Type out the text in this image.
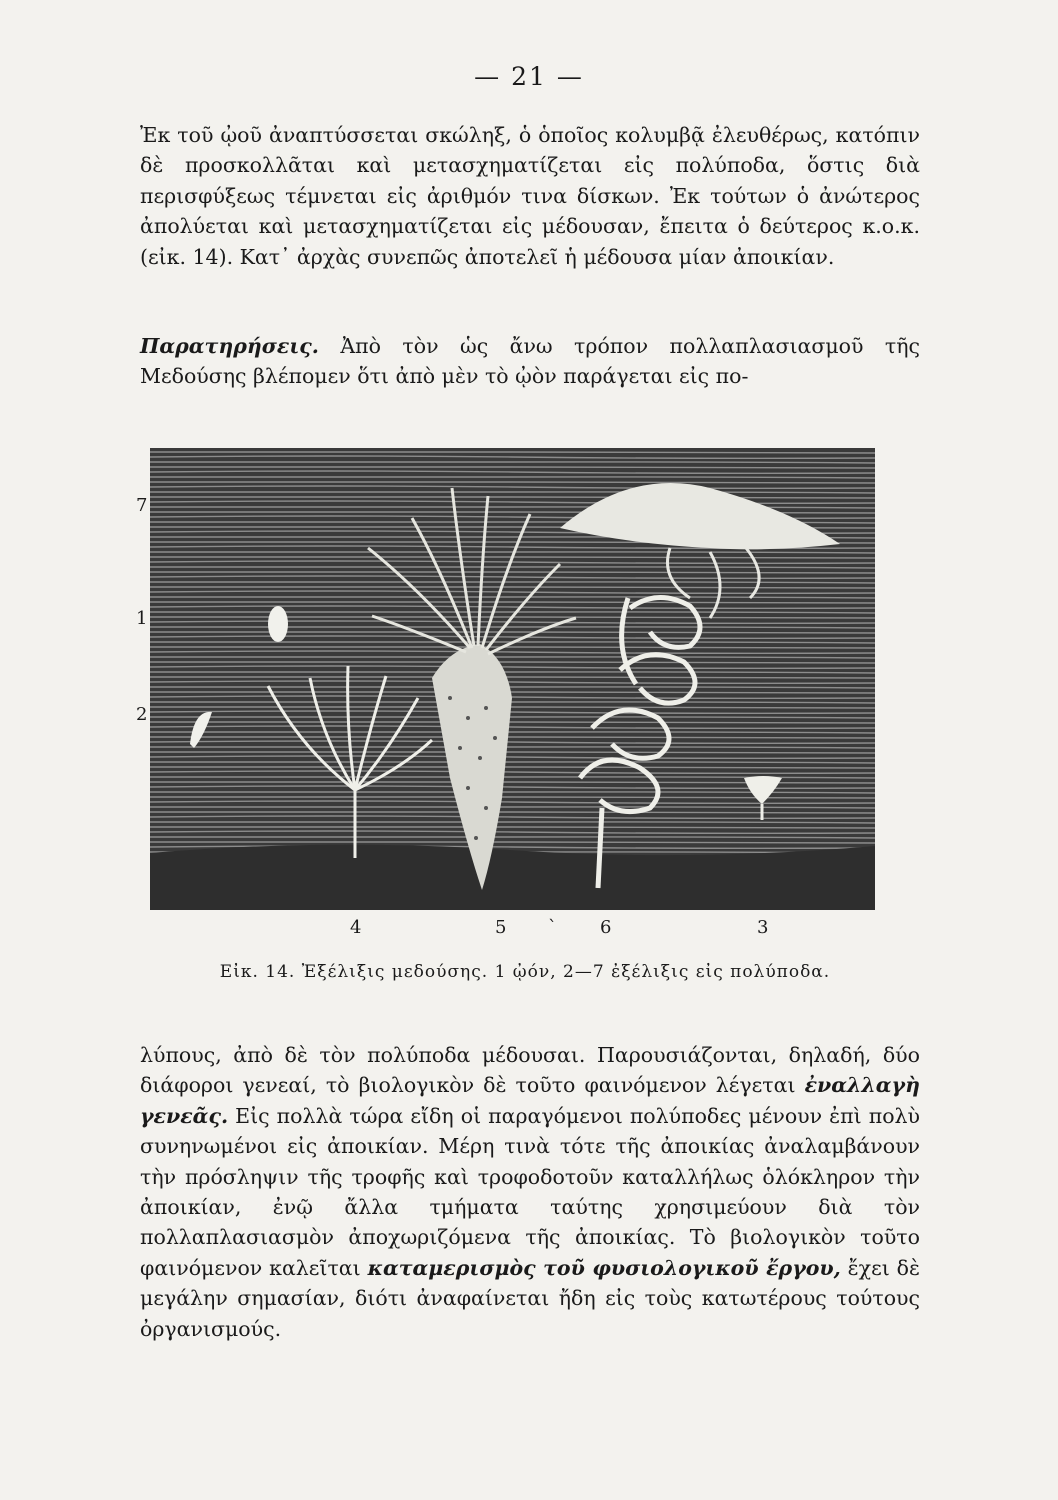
— 21 —

Ἐκ τοῦ ᾠοῦ ἀναπτύσσεται σκώληξ, ὁ ὁποῖος κολυμβᾷ ἐλευθέρως, κατόπιν δὲ προσκολλᾶται καὶ μετασχηματίζεται εἰς πολύποδα, ὅστις διὰ περισφύξεως τέμνεται εἰς ἀριθμόν τινα δίσκων. Ἐκ τούτων ὁ ἀνώτερος ἀπολύεται καὶ μετασχηματίζεται εἰς μέδουσαν, ἔπειτα ὁ δεύτερος κ.ο.κ. (εἰκ. 14). Κατ᾽ ἀρχὰς συνεπῶς ἀποτελεῖ ἡ μέδουσα μίαν ἀποικίαν.

Παρατηρήσεις. Ἀπὸ τὸν ὡς ἄνω τρόπον πολλαπλασιασμοῦ τῆς Μεδούσης βλέπομεν ὅτι ἀπὸ μὲν τὸ ᾠὸν παράγεται εἰς πο-

7
1
2
4	5 ` 6	3
Εἰκ. 14. Ἐξέλιξις μεδούσης. 1 ᾠόν, 2—7 ἐξέλιξις εἰς πολύποδα.

λύπους, ἀπὸ δὲ τὸν πολύποδα μέδουσαι. Παρουσιάζονται, δηλαδή, δύο διάφοροι γενεαί, τὸ βιολογικὸν δὲ τοῦτο φαινόμενον λέγεται ἐναλλαγὴ γενεᾶς. Εἰς πολλὰ τώρα εἴδη οἱ παραγόμενοι πολύποδες μένουν ἐπὶ πολὺ συνηνωμένοι εἰς ἀποικίαν. Μέρη τινὰ τότε τῆς ἀποικίας ἀναλαμβάνουν τὴν πρόσληψιν τῆς τροφῆς καὶ τροφοδοτοῦν καταλλήλως ὁλόκληρον τὴν ἀποικίαν, ἐνῷ ἄλλα τμήματα ταύτης χρησιμεύουν διὰ τὸν πολλαπλασιασμὸν ἀποχωριζόμενα τῆς ἀποικίας. Τὸ βιολογικὸν τοῦτο φαινόμενον καλεῖται καταμερισμὸς τοῦ φυσιολογικοῦ ἔργου, ἔχει δὲ μεγάλην σημασίαν, διότι ἀναφαίνεται ἤδη εἰς τοὺς κατωτέρους τούτους ὀργανισμούς.
